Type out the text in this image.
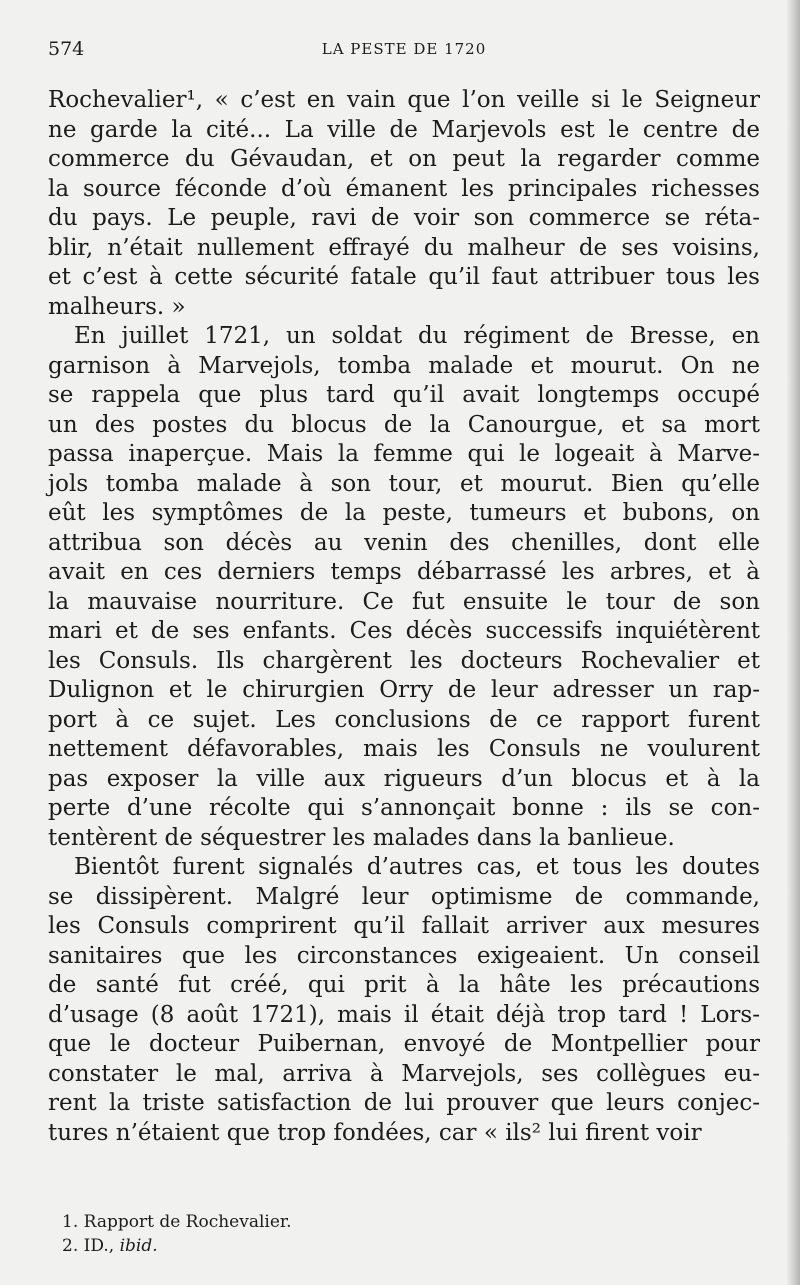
574	LA PESTE DE 1720
Rochevalier¹, « c’est en vain que l’on veille si le Seigneur
ne garde la cité... La ville de Marjevols est le centre de
commerce du Gévaudan, et on peut la regarder comme
la source féconde d’où émanent les principales richesses
du pays. Le peuple, ravi de voir son commerce se réta-
blir, n’était nullement effrayé du malheur de ses voisins,
et c’est à cette sécurité fatale qu’il faut attribuer tous les
malheurs. »
En juillet 1721, un soldat du régiment de Bresse, en
garnison à Marvejols, tomba malade et mourut. On ne
se rappela que plus tard qu’il avait longtemps occupé
un des postes du blocus de la Canourgue, et sa mort
passa inaperçue. Mais la femme qui le logeait à Marve-
jols tomba malade à son tour, et mourut. Bien qu’elle
eût les symptômes de la peste, tumeurs et bubons, on
attribua son décès au venin des chenilles, dont elle
avait en ces derniers temps débarrassé les arbres, et à
la mauvaise nourriture. Ce fut ensuite le tour de son
mari et de ses enfants. Ces décès successifs inquiétèrent
les Consuls. Ils chargèrent les docteurs Rochevalier et
Dulignon et le chirurgien Orry de leur adresser un rap-
port à ce sujet. Les conclusions de ce rapport furent
nettement défavorables, mais les Consuls ne voulurent
pas exposer la ville aux rigueurs d’un blocus et à la
perte d’une récolte qui s’annonçait bonne : ils se con-
tentèrent de séquestrer les malades dans la banlieue.
Bientôt furent signalés d’autres cas, et tous les doutes
se dissipèrent. Malgré leur optimisme de commande,
les Consuls comprirent qu’il fallait arriver aux mesures
sanitaires que les circonstances exigeaient. Un conseil
de santé fut créé, qui prit à la hâte les précautions
d’usage (8 août 1721), mais il était déjà trop tard ! Lors-
que le docteur Puibernan, envoyé de Montpellier pour
constater le mal, arriva à Marvejols, ses collègues eu-
rent la triste satisfaction de lui prouver que leurs conjec-
tures n’étaient que trop fondées, car « ils² lui firent voir
1. Rapport de Rochevalier.
2. ID., ibid.
